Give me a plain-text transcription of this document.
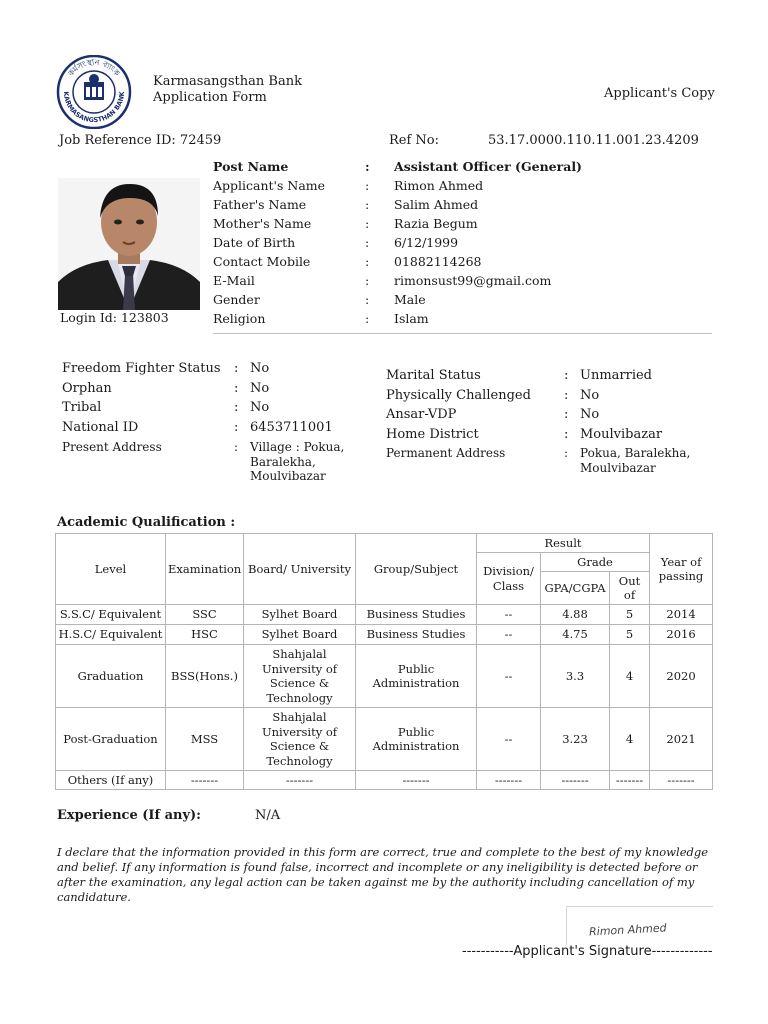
কর্মসংস্থান ব্যাংক
KARMASANGSTHAN BANK
Karmasangsthan Bank
Application Form	Applicant's Copy
Job Reference ID: 72459	Ref No:	53.17.0000.110.11.001.23.4209
Login Id: 123803
Post Name	: Assistant Officer (General)
Applicant's Name	: Rimon Ahmed
Father's Name	: Salim Ahmed
Mother's Name	: Razia Begum
Date of Birth	: 6/12/1999
Contact Mobile	: 01882114268
E-Mail	: rimonsust99@gmail.com
Gender	: Male
Religion	: Islam
Freedom Fighter Status : No
Orphan	: No
Tribal	: No
National ID	: 6453711001
Present Address	: Village : Pokua, Baralekha, Moulvibazar
Marital Status	: Unmarried
Physically Challenged	: No
Ansar-VDP	: No
Home District	: Moulvibazar
Permanent Address	: Pokua, Baralekha, Moulvibazar
Academic Qualification :
Level	Examination	Board/ University	Group/Subject	Result			Year of passing
				Division/ Class	Grade		
					GPA/CGPA	Out of	
S.S.C/ Equivalent	SSC	Sylhet Board	Business Studies	--	4.88	5	2014
H.S.C/ Equivalent	HSC	Sylhet Board	Business Studies	--	4.75	5	2016
Graduation	BSS(Hons.)	Shahjalal University of Science & Technology	Public Administration	--	3.3	4	2020
Post-Graduation	MSS	Shahjalal University of Science & Technology	Public Administration	--	3.23	4	2021
Others (If any)	-------	-------	-------	-------	-------	-------	-------
Experience (If any):	N/A
I declare that the information provided in this form are correct, true and complete to the best of my knowledge and belief. If any information is found false, incorrect and incomplete or any ineligibility is detected before or after the examination, any legal action can be taken against me by the authority including cancellation of my candidature.
Rimon Ahmed
-----------Applicant's Signature-------------
